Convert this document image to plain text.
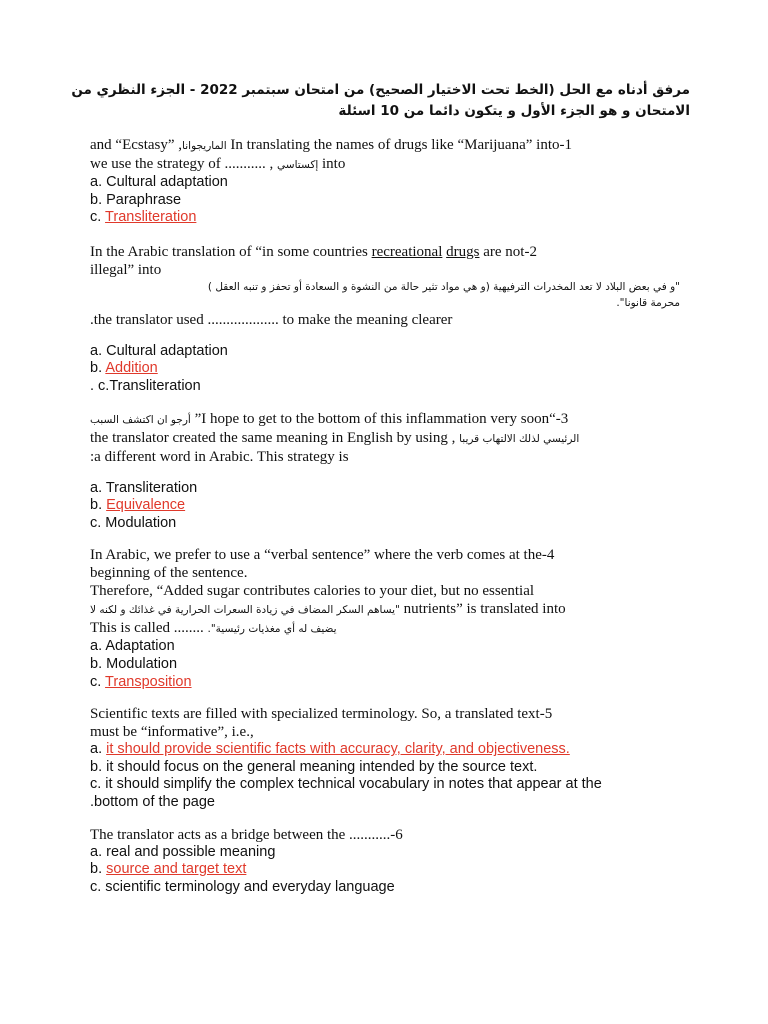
مرفق أدناه مع الحل (الخط تحت الاختيار الصحيح) من امتحان سبتمبر 2022 - الجزء النظري من
الامتحان و هو الجزء الأول و يتكون دائما من 10 اسئلة
and “Ecstasy” ,الماريجوانا In translating the names of drugs like “Marijuana” into-1
we use the strategy of ........... , إكستاسي into
a. Cultural adaptation
b. Paraphrase
c. Transliteration
In the Arabic translation of “in some countries recreational drugs are not-2
illegal” into
"و في بعض البلاد لا تعد المخدرات الترفيهية (و هي مواد تثير حالة من النشوة و السعادة أو تحفز و تنبه العقل )
محرمة قانونا".
.the translator used ................... to make the meaning clearer
a. Cultural adaptation
b. Addition
. c.Transliteration
أرجو ان اكتشف السبب ”I hope to get to the bottom of this inflammation very soon“-3
the translator created the same meaning in English by using , الرئيسي لذلك الالتهاب قريبا
:a different word in Arabic. This strategy is
a. Transliteration
b. Equivalence
c. Modulation
In Arabic, we prefer to use a “verbal sentence” where the verb comes at the-4
beginning of the sentence.
Therefore, “Added sugar contributes calories to your diet, but no essential
"يساهم السكر المضاف في زيادة السعرات الحرارية في غذائك و لكنه لا nutrients” is translated into
This is called ........ يضيف له أي مغذيات رئيسية".
a. Adaptation
b. Modulation
c. Transposition
Scientific texts are filled with specialized terminology. So, a translated text-5
must be “informative”, i.e.,
a. it should provide scientific facts with accuracy, clarity, and objectiveness.
b. it should focus on the general meaning intended by the source text.
c. it should simplify the complex technical vocabulary in notes that appear at the
.bottom of the page
The translator acts as a bridge between the ...........-6
a. real and possible meaning
b. source and target text
c. scientific terminology and everyday language
